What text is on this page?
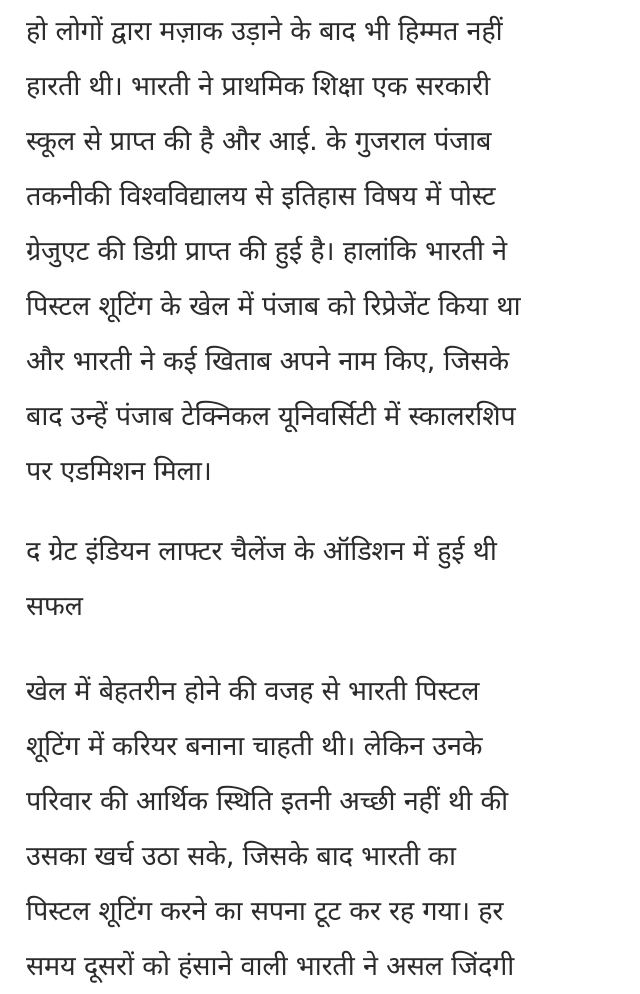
हो लोगों द्वारा मज़ाक उड़ाने के बाद भी हिम्मत नहीं
हारती थी। भारती ने प्राथमिक शिक्षा एक सरकारी
स्कूल से प्राप्त की है और आई. के गुजराल पंजाब
तकनीकी विश्वविद्यालय से इतिहास विषय में पोस्ट
ग्रेजुएट की डिग्री प्राप्त की हुई है। हालांकि भारती ने
पिस्टल शूटिंग के खेल में पंजाब को रिप्रेजेंट किया था
और भारती ने कई खिताब अपने नाम किए, जिसके
बाद उन्हें पंजाब टेक्निकल यूनिवर्सिटी में स्कालरशिप
पर एडमिशन मिला।

द ग्रेट इंडियन लाफ्टर चैलेंज के ऑडिशन में हुई थी
सफल

खेल में बेहतरीन होने की वजह से भारती पिस्टल
शूटिंग में करियर बनाना चाहती थी। लेकिन उनके
परिवार की आर्थिक स्थिति इतनी अच्छी नहीं थी की
उसका खर्च उठा सके, जिसके बाद भारती का
पिस्टल शूटिंग करने का सपना टूट कर रह गया। हर
समय दूसरों को हंसाने वाली भारती ने असल जिंदगी
